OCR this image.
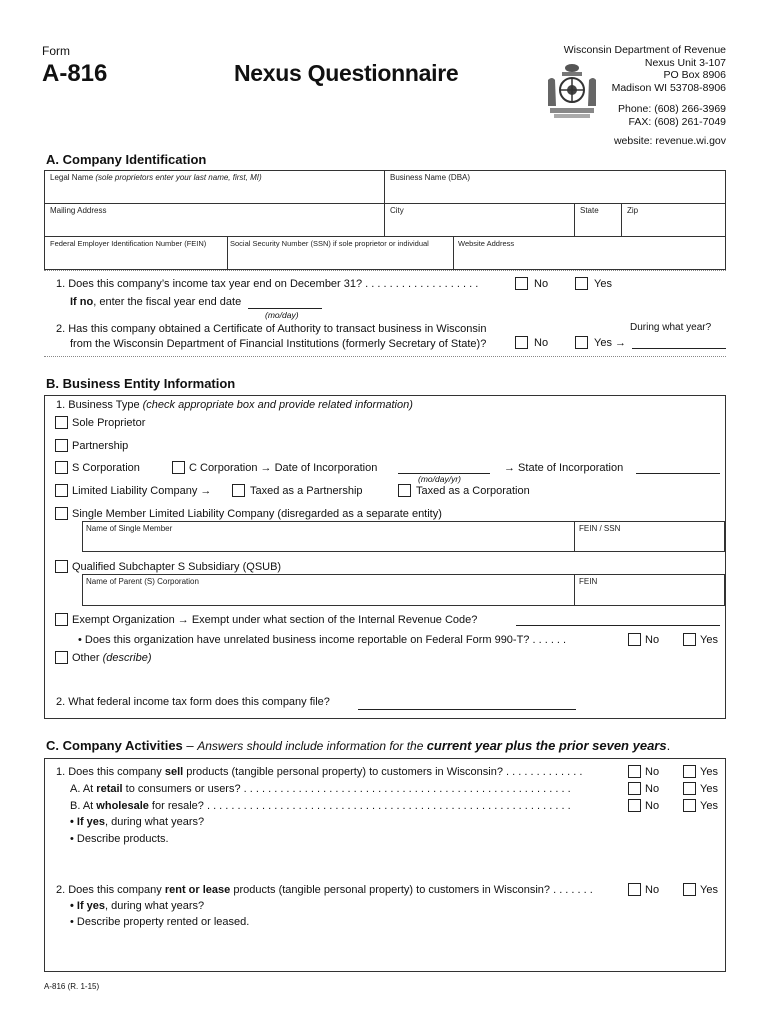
Form
A-816	Nexus Questionnaire
Wisconsin Department of Revenue
Nexus Unit 3-107
PO Box 8906
Madison WI 53708-8906
Phone: (608) 266-3969
FAX: (608) 261-7049
website: revenue.wi.gov
A. Company Identification
Legal Name (sole proprietors enter your last name, first, MI)	Business Name (DBA)
Mailing Address	City	State	Zip
Federal Employer Identification Number (FEIN)	Social Security Number (SSN) if sole proprietor or individual	Website Address
1. Does this company’s income tax year end on December 31? . . . . . . . . . . . . . . . . . . .	No	Yes
If no, enter the fiscal year end date
(mo/day)
2. Has this company obtained a Certificate of Authority to transact business in Wisconsin
from the Wisconsin Department of Financial Institutions (formerly Secretary of State)?
During what year?
No	Yes →
B. Business Entity Information
1. Business Type (check appropriate box and provide related information)
Sole Proprietor
Partnership
S Corporation	C Corporation → Date of Incorporation
(mo/day/yr)
→ State of Incorporation
Limited Liability Company →	Taxed as a Partnership	Taxed as a Corporation
Single Member Limited Liability Company (disregarded as a separate entity)
Name of Single Member	FEIN / SSN
Qualified Subchapter S Subsidiary (QSUB)
Name of Parent (S) Corporation	FEIN
Exempt Organization → Exempt under what section of the Internal Revenue Code?
• Does this organization have unrelated business income reportable on Federal Form 990-T? . . . . . .	No	Yes
Other (describe)
2. What federal income tax form does this company file?
C. Company Activities – Answers should include information for the current year plus the prior seven years.
1. Does this company sell products (tangible personal property) to customers in Wisconsin? . . . . . . . . . . . . .	No	Yes
A. At retail to consumers or users? . . . . . . . . . . . . . . . . . . . . . . . . . . . . . . . . . . . . . . . . . . . . . . . . . . . . . .	No	Yes
B. At wholesale for resale? . . . . . . . . . . . . . . . . . . . . . . . . . . . . . . . . . . . . . . . . . . . . . . . . . . . . . . . . . . . .	No	Yes
• If yes, during what years?
• Describe products.
2. Does this company rent or lease products (tangible personal property) to customers in Wisconsin? . . . . . . .	No	Yes
• If yes, during what years?
• Describe property rented or leased.
A-816 (R. 1-15)
